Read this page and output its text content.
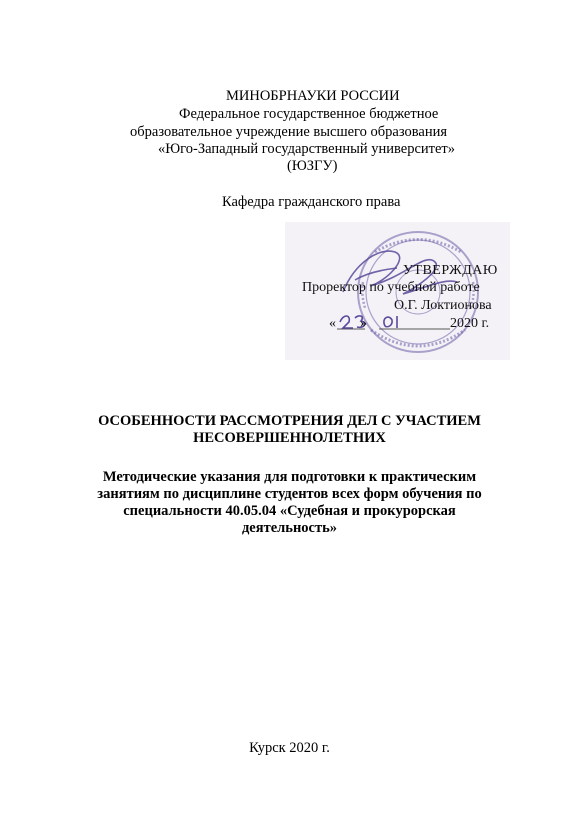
МИНОБРНАУКИ РОССИИ
Федеральное государственное бюджетное
образовательное учреждение высшего образования
«Юго-Западный государственный университет»
(ЮЗГУ)
Кафедра гражданского права
УТВЕРЖДАЮ
Проректор по учебной работе
О.Г. Локтионова
« »	2020 г.
ОСОБЕННОСТИ РАССМОТРЕНИЯ ДЕЛ С УЧАСТИЕМ
НЕСОВЕРШЕННОЛЕТНИХ
Методические указания для подготовки к практическим
занятиям по дисциплине студентов всех форм обучения по
специальности 40.05.04 «Судебная и прокурорская
деятельность»
Курск 2020 г.
